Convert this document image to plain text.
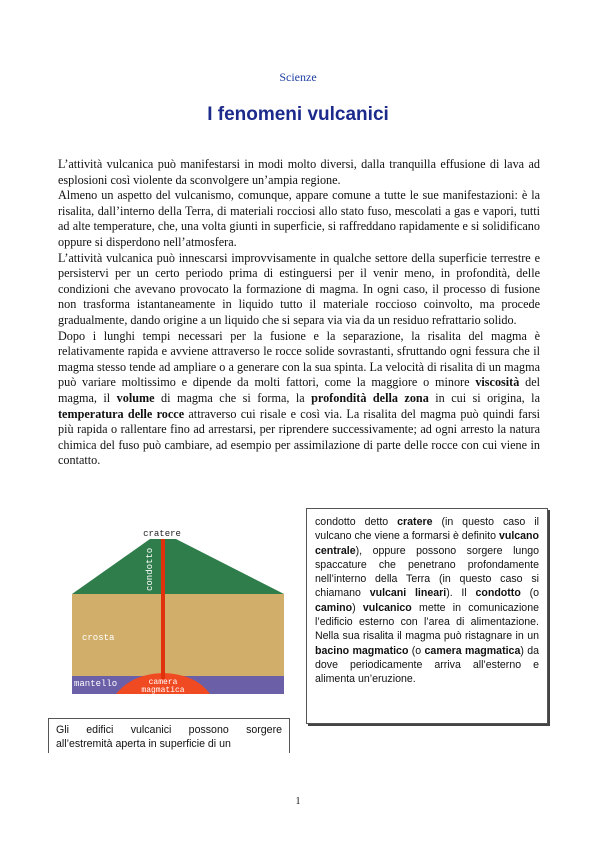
Scienze
I fenomeni vulcanici

L’attività vulcanica può manifestarsi in modi molto diversi, dalla tranquilla effusione di lava ad esplosioni così violente da sconvolgere un’ampia regione.

Almeno un aspetto del vulcanismo, comunque, appare comune a tutte le sue manifestazioni: è la risalita, dall’interno della Terra, di materiali rocciosi allo stato fuso, mescolati a gas e vapori, tutti ad alte temperature, che, una volta giunti in superficie, si raffreddano rapidamente e si solidificano oppure si disperdono nell’atmosfera.

L’attività vulcanica può innescarsi improvvisamente in qualche settore della superficie terrestre e persistervi per un certo periodo prima di estinguersi per il venir meno, in profondità, delle condizioni che avevano provocato la formazione di magma. In ogni caso, il processo di fusione non trasforma istantaneamente in liquido tutto il materiale roccioso coinvolto, ma procede gradualmente, dando origine a un liquido che si separa via via da un residuo refrattario solido.

Dopo i lunghi tempi necessari per la fusione e la separazione, la risalita del magma è relativamente rapida e avviene attraverso le rocce solide sovrastanti, sfruttando ogni fessura che il magma stesso tende ad ampliare o a generare con la sua spinta. La velocità di risalita di un magma può variare moltissimo e dipende da molti fattori, come la maggiore o minore viscosità del magma, il volume di magma che si forma, la profondità della zona in cui si origina, la temperatura delle rocce attraverso cui risale e così via. La risalita del magma può quindi farsi più rapida o rallentare fino ad arrestarsi, per riprendere successivamente; ad ogni arresto la natura chimica del fuso può cambiare, ad esempio per assimilazione di parte delle rocce con cui viene in contatto.

cratere
condotto
crosta
mantello	camera
magmatica
Gli edifici vulcanici possono sorgere all’estremità aperta in superficie di un
condotto detto cratere (in questo caso il vulcano che viene a formarsi è definito vulcano centrale), oppure possono sorgere lungo spaccature che penetrano profondamente nell’interno della Terra (in questo caso si chiamano vulcani lineari). Il condotto (o camino) vulcanico mette in comunicazione l’edificio esterno con l’area di alimentazione. Nella sua risalita il magma può ristagnare in un bacino magmatico (o camera magmatica) da dove periodicamente arriva all’esterno e alimenta un’eruzione.
1
